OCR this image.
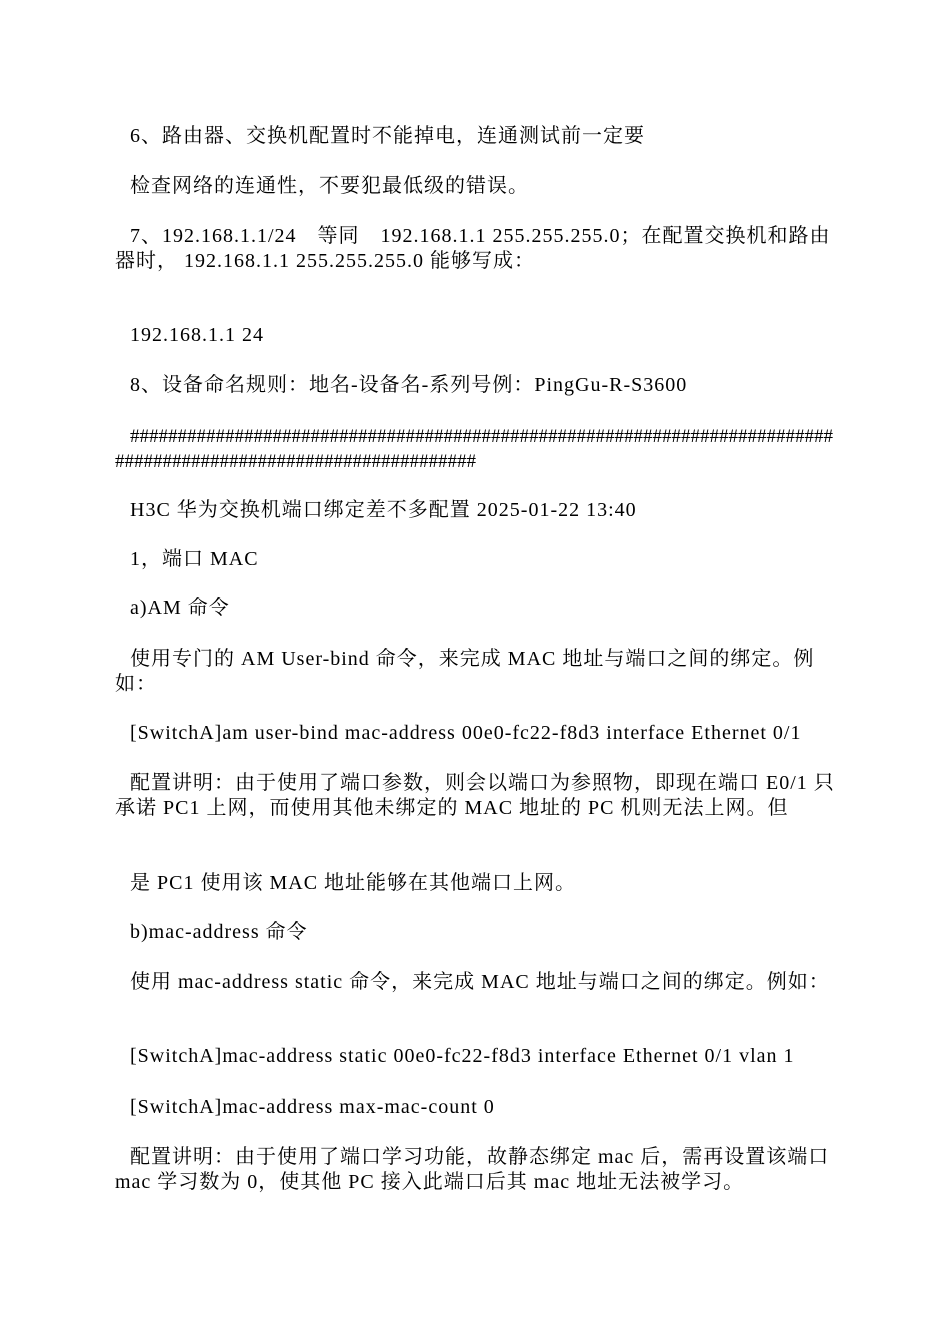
6、路由器、交换机配置时不能掉电，连通测试前一定要
检查网络的连通性，不要犯最低级的错误。
7、192.168.1.1/24　等同　192.168.1.1 255.255.255.0；在配置交换机和路由器时， 192.168.1.1 255.255.255.0 能够写成：
192.168.1.1 24
8、设备命名规则：地名-设备名-系列号例：PingGu-R-S3600
################################################################################################################
H3C 华为交换机端口绑定差不多配置 2025-01-22 13:40
1，端口 MAC
a)AM 命令
使用专门的 AM User-bind 命令，来完成 MAC 地址与端口之间的绑定。例如：
[SwitchA]am user-bind mac-address 00e0-fc22-f8d3 interface Ethernet 0/1
配置讲明：由于使用了端口参数，则会以端口为参照物，即现在端口 E0/1 只承诺 PC1 上网，而使用其他未绑定的 MAC 地址的 PC 机则无法上网。但
是 PC1 使用该 MAC 地址能够在其他端口上网。
b)mac-address 命令
使用 mac-address static 命令，来完成 MAC 地址与端口之间的绑定。例如：
[SwitchA]mac-address static 00e0-fc22-f8d3 interface Ethernet 0/1 vlan 1
[SwitchA]mac-address max-mac-count 0
配置讲明：由于使用了端口学习功能，故静态绑定 mac 后，需再设置该端口 mac 学习数为 0，使其他 PC 接入此端口后其 mac 地址无法被学习。
